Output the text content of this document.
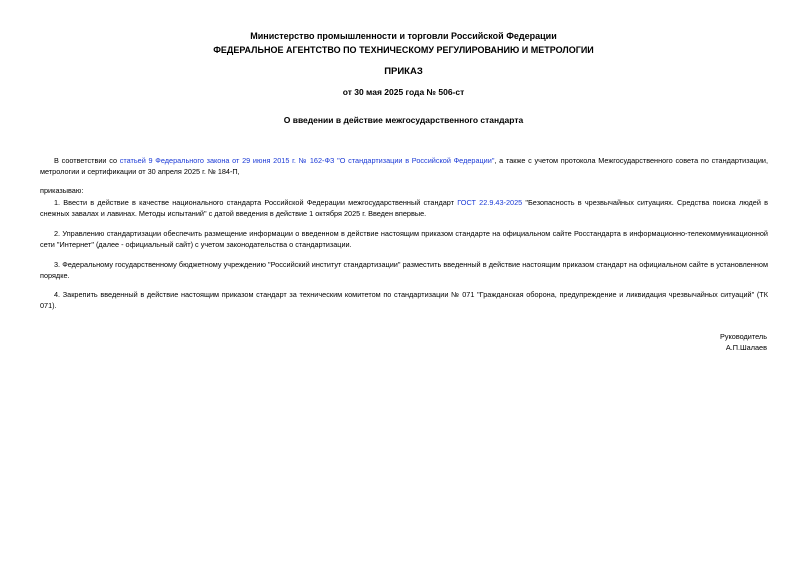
Министерство промышленности и торговли Российской Федерации
ФЕДЕРАЛЬНОЕ АГЕНТСТВО ПО ТЕХНИЧЕСКОМУ РЕГУЛИРОВАНИЮ И МЕТРОЛОГИИ
ПРИКАЗ
от 30 мая 2025 года № 506-ст
О введении в действие межгосударственного стандарта
В соответствии со статьей 9 Федерального закона от 29 июня 2015 г. № 162-ФЗ "О стандартизации в Российской Федерации", а также с учетом протокола Межгосударственного совета по стандартизации, метрологии и сертификации от 30 апреля 2025 г. № 184-П,
приказываю:
1. Ввести в действие в качестве национального стандарта Российской Федерации межгосударственный стандарт ГОСТ 22.9.43-2025 "Безопасность в чрезвычайных ситуациях. Средства поиска людей в снежных завалах и лавинах. Методы испытаний" с датой введения в действие 1 октября 2025 г. Введен впервые.
2. Управлению стандартизации обеспечить размещение информации о введенном в действие настоящим приказом стандарте на официальном сайте Росстандарта в информационно-телекоммуникационной сети "Интернет" (далее - официальный сайт) с учетом законодательства о стандартизации.
3. Федеральному государственному бюджетному учреждению "Российский институт стандартизации" разместить введенный в действие настоящим приказом стандарт на официальном сайте в установленном порядке.
4. Закрепить введенный в действие настоящим приказом стандарт за техническим комитетом по стандартизации № 071 "Гражданская оборона, предупреждение и ликвидация чрезвычайных ситуаций" (ТК 071).
Руководитель
А.П.Шалаев
